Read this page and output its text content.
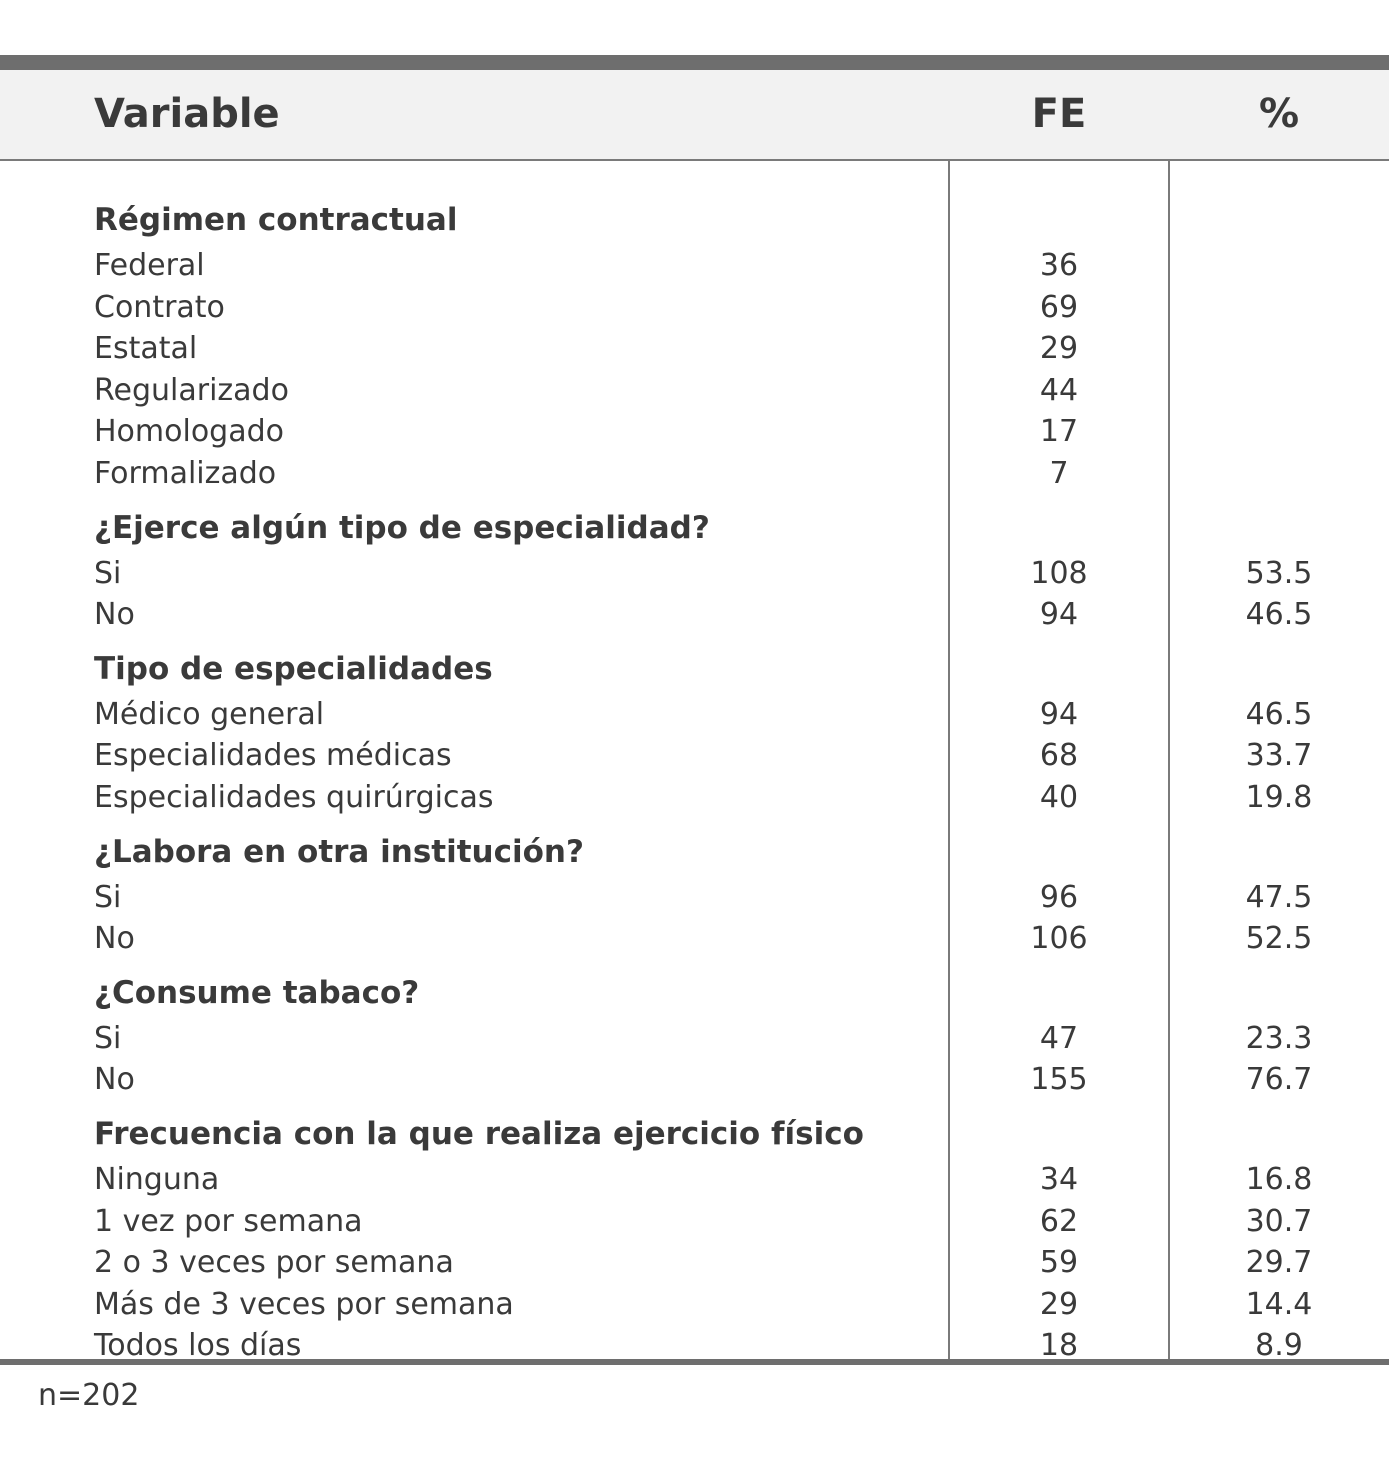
Variable	FE	%
Régimen contractual
Federal	36
Contrato	69
Estatal	29
Regularizado	44
Homologado	17
Formalizado	7
¿Ejerce algún tipo de especialidad?
Si	108	53.5
No	94	46.5
Tipo de especialidades
Médico general	94	46.5
Especialidades médicas	68	33.7
Especialidades quirúrgicas	40	19.8
¿Labora en otra institución?
Si	96	47.5
No	106	52.5
¿Consume tabaco?
Si	47	23.3
No	155	76.7
Frecuencia con la que realiza ejercicio físico
Ninguna	34	16.8
1 vez por semana	62	30.7
2 o 3 veces por semana	59	29.7
Más de 3 veces por semana	29	14.4
Todos los días	18	8.9
n=202
